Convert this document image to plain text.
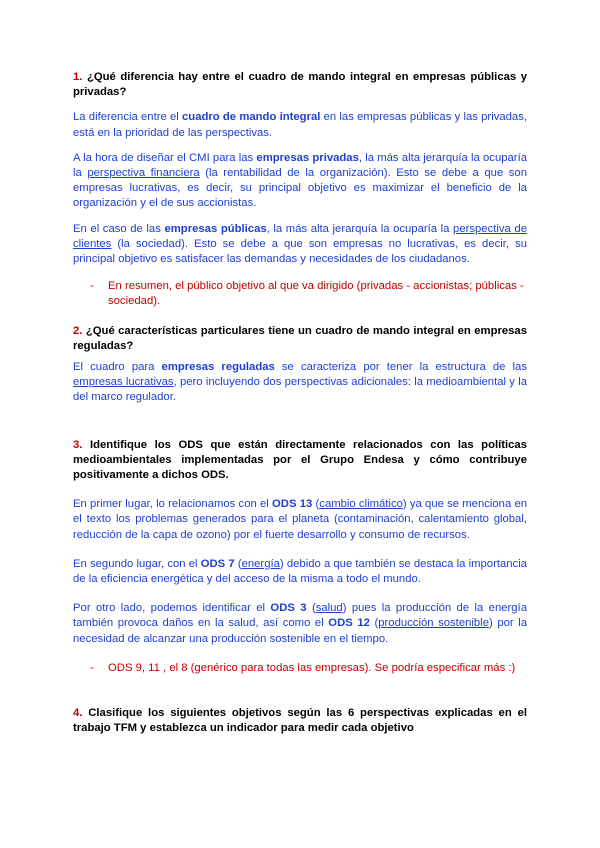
1. ¿Qué diferencia hay entre el cuadro de mando integral en empresas públicas y privadas?

La diferencia entre el cuadro de mando integral en las empresas públicas y las privadas, está en la prioridad de las perspectivas.

A la hora de diseñar el CMI para las empresas privadas, la más alta jerarquía la ocuparía la perspectiva financiera (la rentabilidad de la organización). Esto se debe a que son empresas lucrativas, es decir, su principal objetivo es maximizar el beneficio de la organización y el de sus accionistas.

En el caso de las empresas públicas, la más alta jerarquía la ocuparía la perspectiva de clientes (la sociedad). Esto se debe a que son empresas no lucrativas, es decir, su principal objetivo es satisfacer las demandas y necesidades de los ciudadanos.

- En resumen, el público objetivo al que va dirigido (privadas - accionistas; públicas - sociedad).

2. ¿Qué características particulares tiene un cuadro de mando integral en empresas reguladas?

El cuadro para empresas reguladas se caracteriza por tener la estructura de las empresas lucrativas, pero incluyendo dos perspectivas adicionales: la medioambiental y la del marco regulador.

3. Identifique los ODS que están directamente relacionados con las políticas medioambientales implementadas por el Grupo Endesa y cómo contribuye positivamente a dichos ODS.

En primer lugar, lo relacionamos con el ODS 13 (cambio climático) ya que se menciona en el texto los problemas generados para el planeta (contaminación, calentamiento global, reducción de la capa de ozono) por el fuerte desarrollo y consumo de recursos.

En segundo lugar, con el ODS 7 (energía) debido a que también se destaca la importancia de la eficiencia energética y del acceso de la misma a todo el mundo.

Por otro lado, podemos identificar el ODS 3 (salud) pues la producción de la energía también provoca daños en la salud, así como el ODS 12 (producción sostenible) por la necesidad de alcanzar una producción sostenible en el tiempo.

- ODS 9, 11 , el 8 (genérico para todas las empresas). Se podría especificar más :)

4. Clasifique los siguientes objetivos según las 6 perspectivas explicadas en el trabajo TFM y establezca un indicador para medir cada objetivo
